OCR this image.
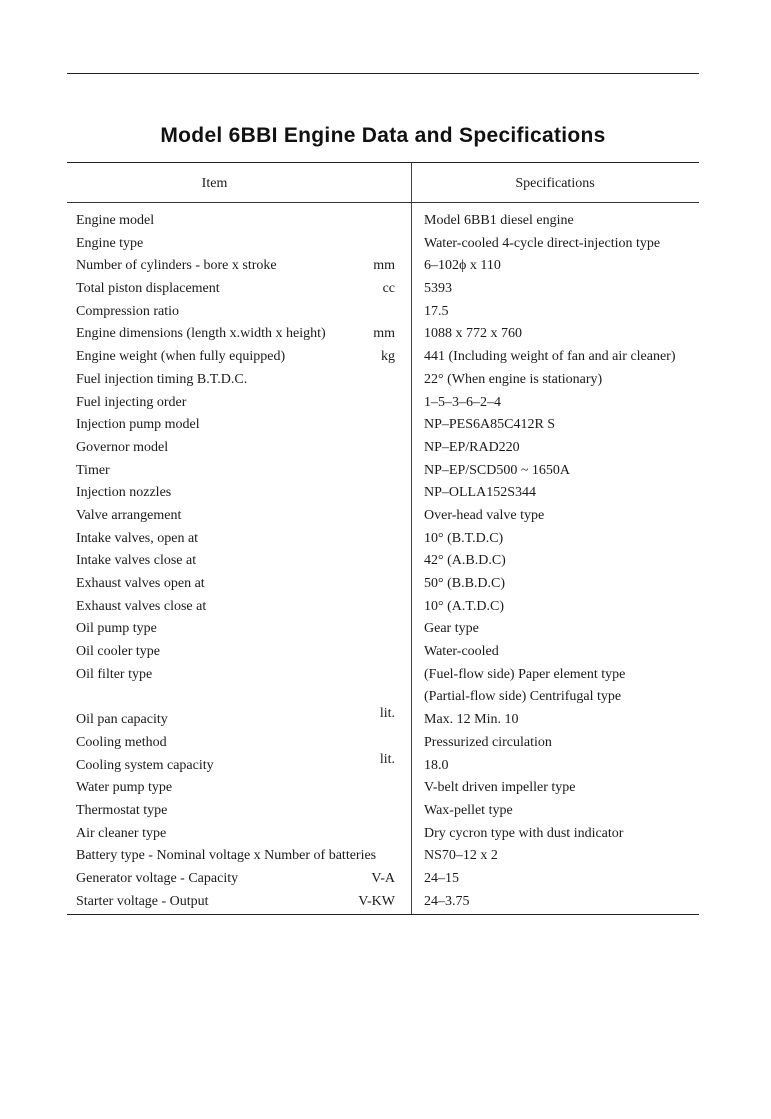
Model 6BBI Engine Data and Specifications
Item	Specifications
Engine model	Model 6BB1 diesel engine
Engine type	Water-cooled 4-cycle direct-injection type
Number of cylinders - bore x stroke	mm 6–102ϕ x 110
Total piston displacement	cc 5393
Compression ratio	17.5
Engine dimensions (length x.width x height)	mm 1088 x 772 x 760
Engine weight (when fully equipped)	kg 441 (Including weight of fan and air cleaner)
Fuel injection timing B.T.D.C.	22° (When engine is stationary)
Fuel injecting order	1–5–3–6–2–4
Injection pump model	NP–PES6A85C412R S
Governor model	NP–EP/RAD220
Timer	NP–EP/SCD500 ~ 1650A
Injection nozzles	NP–OLLA152S344
Valve arrangement	Over-head valve type
Intake valves, open at	10° (B.T.D.C)
Intake valves close at	42° (A.B.D.C)
Exhaust valves open at	50° (B.B.D.C)
Exhaust valves close at	10° (A.T.D.C)
Oil pump type	Gear type
Oil cooler type	Water-cooled
Oil filter type	(Fuel-flow side) Paper element type
(Partial-flow side) Centrifugal type
Oil pan capacity	lit. Max. 12 Min. 10
Cooling method	Pressurized circulation
Cooling system capacity	lit. 18.0
Water pump type	V-belt driven impeller type
Thermostat type	Wax-pellet type
Air cleaner type	Dry cycron type with dust indicator
Battery type - Nominal voltage x Number of batteries	NS70–12 x 2
Generator voltage - Capacity	V-A 24–15
Starter voltage - Output	V-KW 24–3.75
